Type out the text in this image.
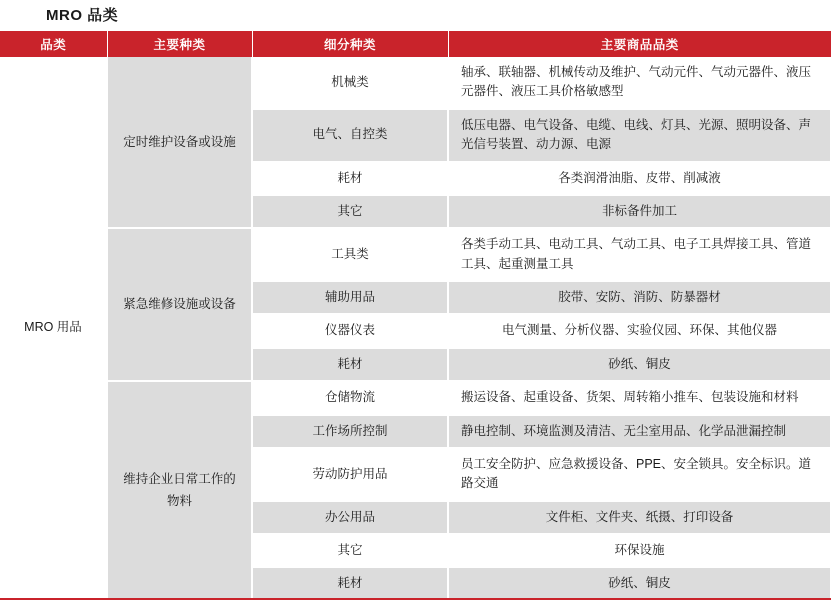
MRO 品类
品类	主要种类	细分种类	主要商品品类
MRO 用品	定时维护设备或设施	机械类	轴承、联轴器、机械传动及维护、气动元件、气动元器件、液压元器件、液压工具价格敏感型
		电气、自控类	低压电器、电气设备、电缆、电线、灯具、光源、照明设备、声光信号装置、动力源、电源
		耗材	各类润滑油脂、皮带、削减液
		其它	非标备件加工
	紧急维修设施或设备	工具类	各类手动工具、电动工具、气动工具、电子工具焊接工具、管道工具、起重测量工具
		辅助用品	胶带、安防、消防、防暴器材
		仪器仪表	电气测量、分析仪器、实验仪园、环保、其他仪器
		耗材	砂纸、铜皮
	维持企业日常工作的物料	仓储物流	搬运设备、起重设备、货架、周转箱小推车、包装设施和材料
		工作场所控制	静电控制、环境监测及清洁、无尘室用品、化学品泄漏控制
		劳动防护用品	员工安全防护、应急救援设备、PPE、安全锁具。安全标识。道路交通
		办公用品	文件柜、文件夹、纸摄、打印设备
		其它	环保设施
		耗材	砂纸、铜皮
